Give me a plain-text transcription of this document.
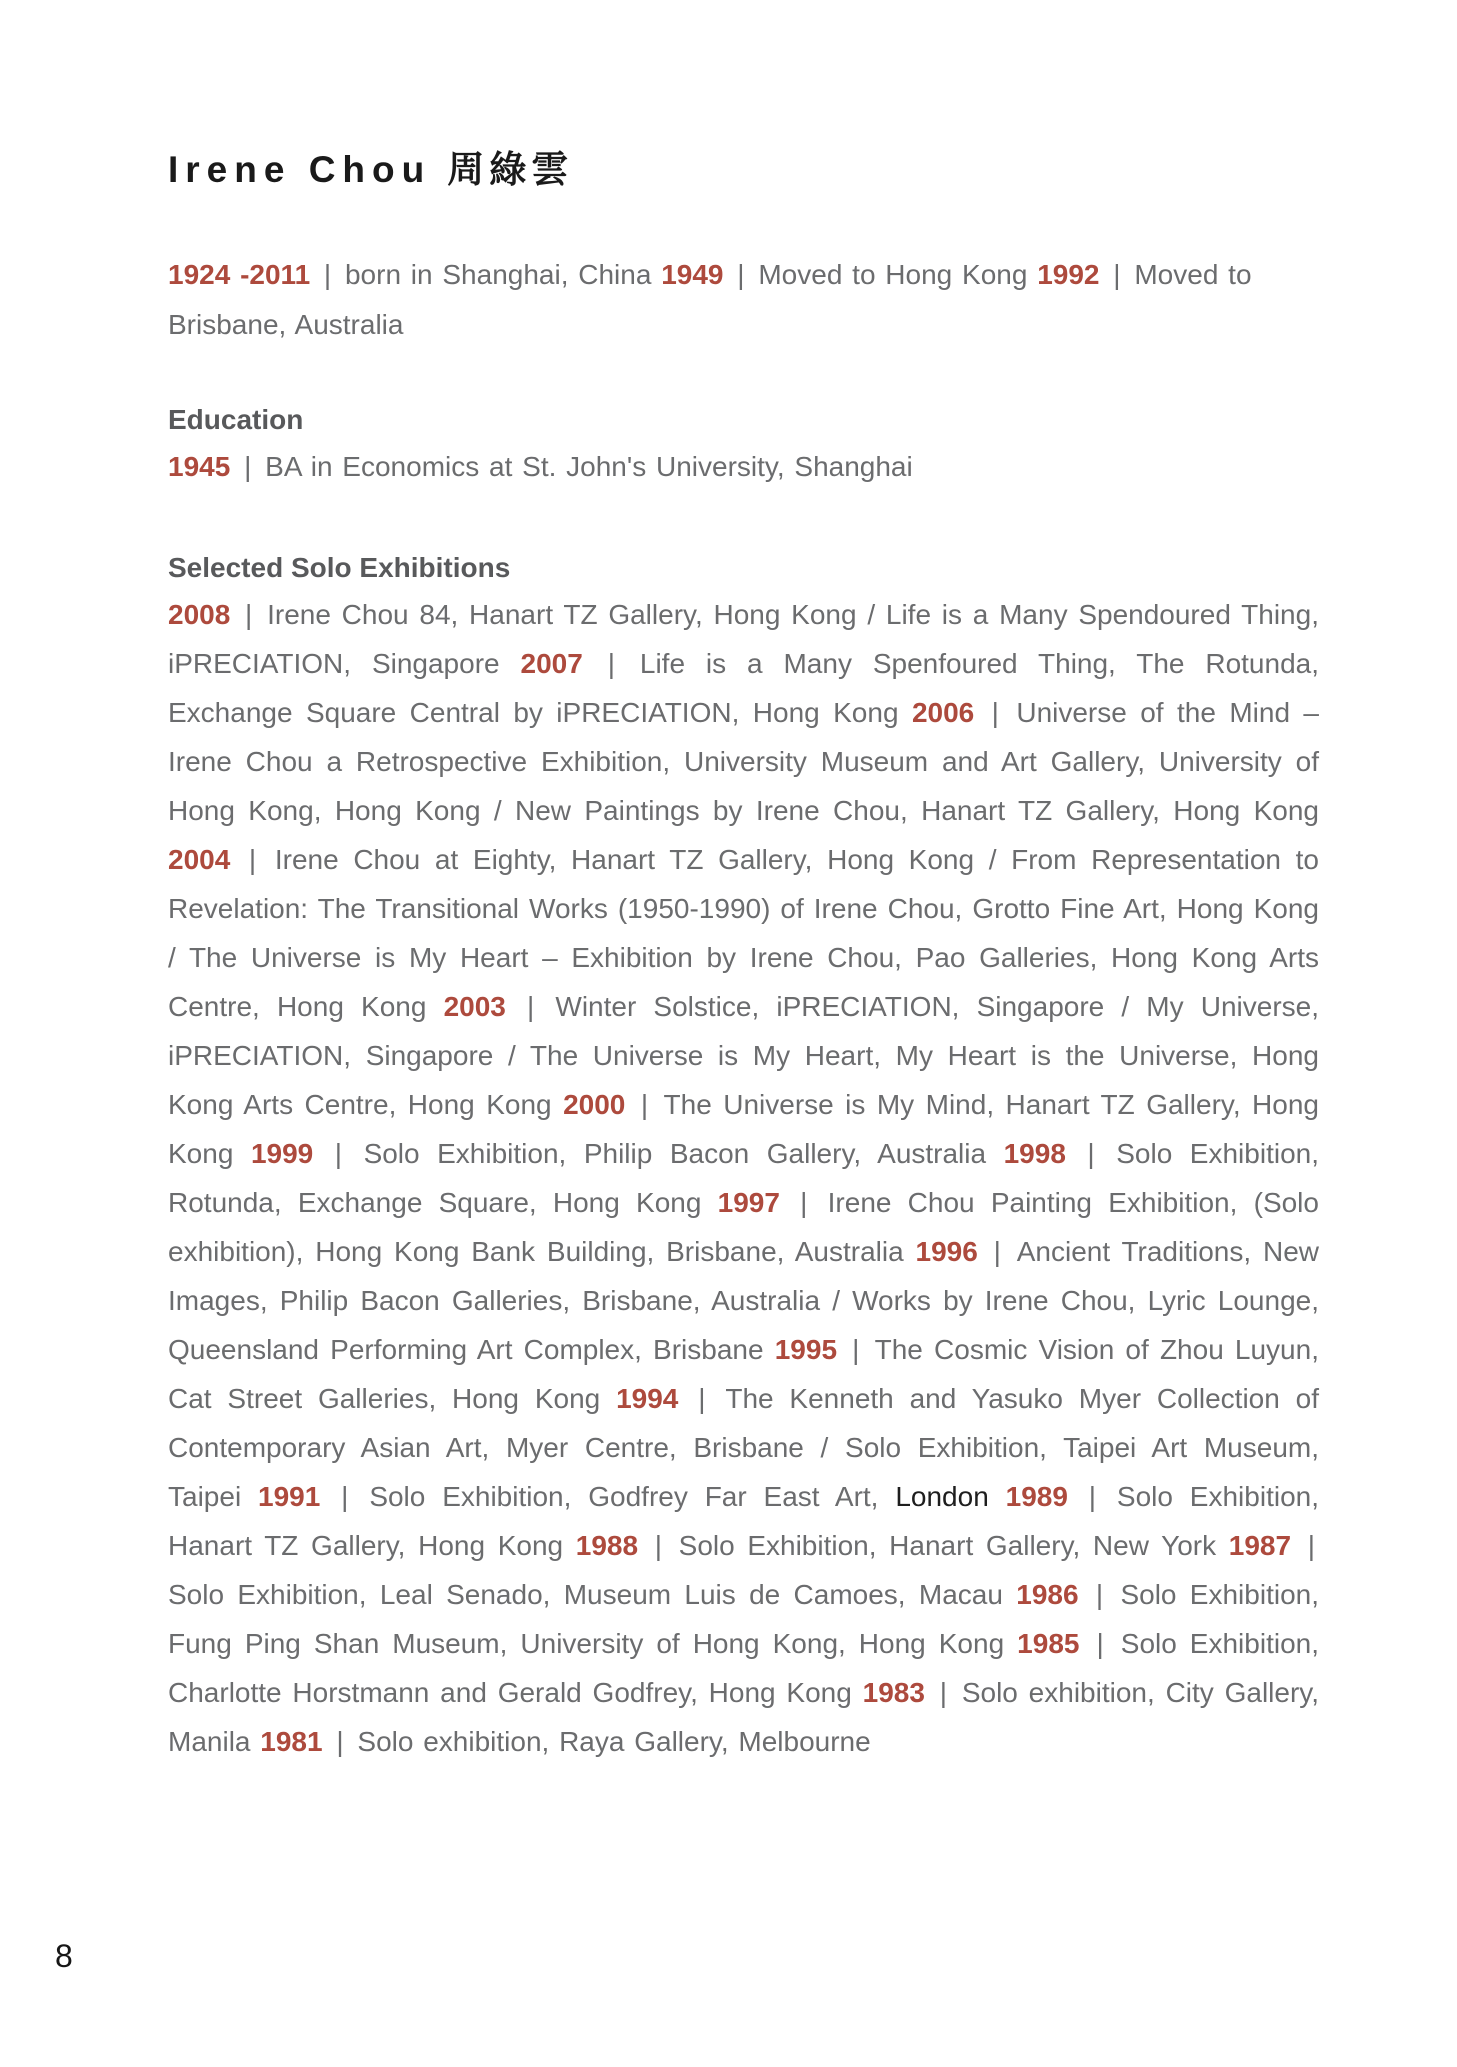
Irene Chou 周綠雲

1924 -2011 | born in Shanghai, China 1949 | Moved to Hong Kong 1992 | Moved to Brisbane, Australia

Education

1945 | BA in Economics at St. John's University, Shanghai

Selected Solo Exhibitions

2008 | Irene Chou 84, Hanart TZ Gallery, Hong Kong / Life is a Many Spendoured Thing, iPRECIATION, Singapore 2007 | Life is a Many Spenfoured Thing, The Rotunda, Exchange Square Central by iPRECIATION, Hong Kong 2006 | Universe of the Mind – Irene Chou a Retrospective Exhibition, University Museum and Art Gallery, University of Hong Kong, Hong Kong / New Paintings by Irene Chou, Hanart TZ Gallery, Hong Kong 2004 | Irene Chou at Eighty, Hanart TZ Gallery, Hong Kong / From Representation to Revelation: The Transitional Works (1950-1990) of Irene Chou, Grotto Fine Art, Hong Kong / The Universe is My Heart – Exhibition by Irene Chou, Pao Galleries, Hong Kong Arts Centre, Hong Kong 2003 | Winter Solstice, iPRECIATION, Singapore / My Universe, iPRECIATION, Singapore / The Universe is My Heart, My Heart is the Universe, Hong Kong Arts Centre, Hong Kong 2000 | The Universe is My Mind, Hanart TZ Gallery, Hong Kong 1999 | Solo Exhibition, Philip Bacon Gallery, Australia 1998 | Solo Exhibition, Rotunda, Exchange Square, Hong Kong 1997 | Irene Chou Painting Exhibition, (Solo exhibition), Hong Kong Bank Building, Brisbane, Australia 1996 | Ancient Traditions, New Images, Philip Bacon Galleries, Brisbane, Australia / Works by Irene Chou, Lyric Lounge, Queensland Performing Art Complex, Brisbane 1995 | The Cosmic Vision of Zhou Luyun, Cat Street Galleries, Hong Kong 1994 | The Kenneth and Yasuko Myer Collection of Contemporary Asian Art, Myer Centre, Brisbane / Solo Exhibition, Taipei Art Museum, Taipei 1991 | Solo Exhibition, Godfrey Far East Art, London 1989 | Solo Exhibition, Hanart TZ Gallery, Hong Kong 1988 | Solo Exhibition, Hanart Gallery, New York 1987 | Solo Exhibition, Leal Senado, Museum Luis de Camoes, Macau 1986 | Solo Exhibition, Fung Ping Shan Museum, University of Hong Kong, Hong Kong 1985 | Solo Exhibition, Charlotte Horstmann and Gerald Godfrey, Hong Kong 1983 | Solo exhibition, City Gallery, Manila 1981 | Solo exhibition, Raya Gallery, Melbourne

8
